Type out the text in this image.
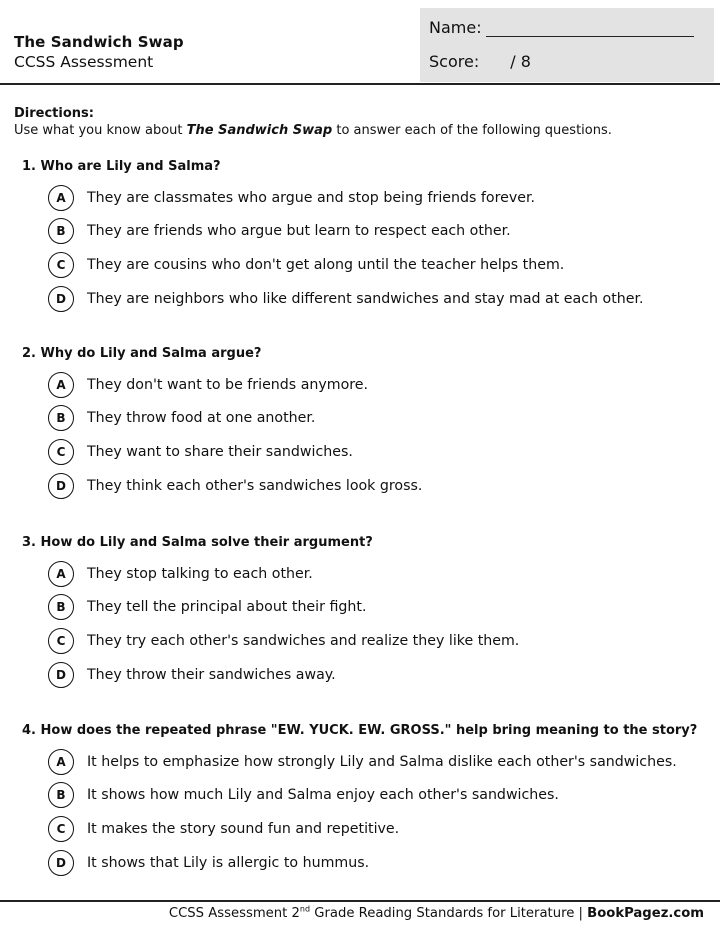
The Sandwich Swap
CCSS Assessment
Name:
Score: / 8
Directions:
Use what you know about The Sandwich Swap to answer each of the following questions.
1. Who are Lily and Salma?
A	They are classmates who argue and stop being friends forever.
B	They are friends who argue but learn to respect each other.
C	They are cousins who don't get along until the teacher helps them.
D	They are neighbors who like different sandwiches and stay mad at each other.
2. Why do Lily and Salma argue?
A	They don't want to be friends anymore.
B	They throw food at one another.
C	They want to share their sandwiches.
D	They think each other's sandwiches look gross.
3. How do Lily and Salma solve their argument?
A	They stop talking to each other.
B	They tell the principal about their fight.
C	They try each other's sandwiches and realize they like them.
D	They throw their sandwiches away.
4. How does the repeated phrase "EW. YUCK. EW. GROSS." help bring meaning to the story?
A	It helps to emphasize how strongly Lily and Salma dislike each other's sandwiches.
B	It shows how much Lily and Salma enjoy each other's sandwiches.
C	It makes the story sound fun and repetitive.
D	It shows that Lily is allergic to hummus.
CCSS Assessment 2nd Grade Reading Standards for Literature | BookPagez.com
